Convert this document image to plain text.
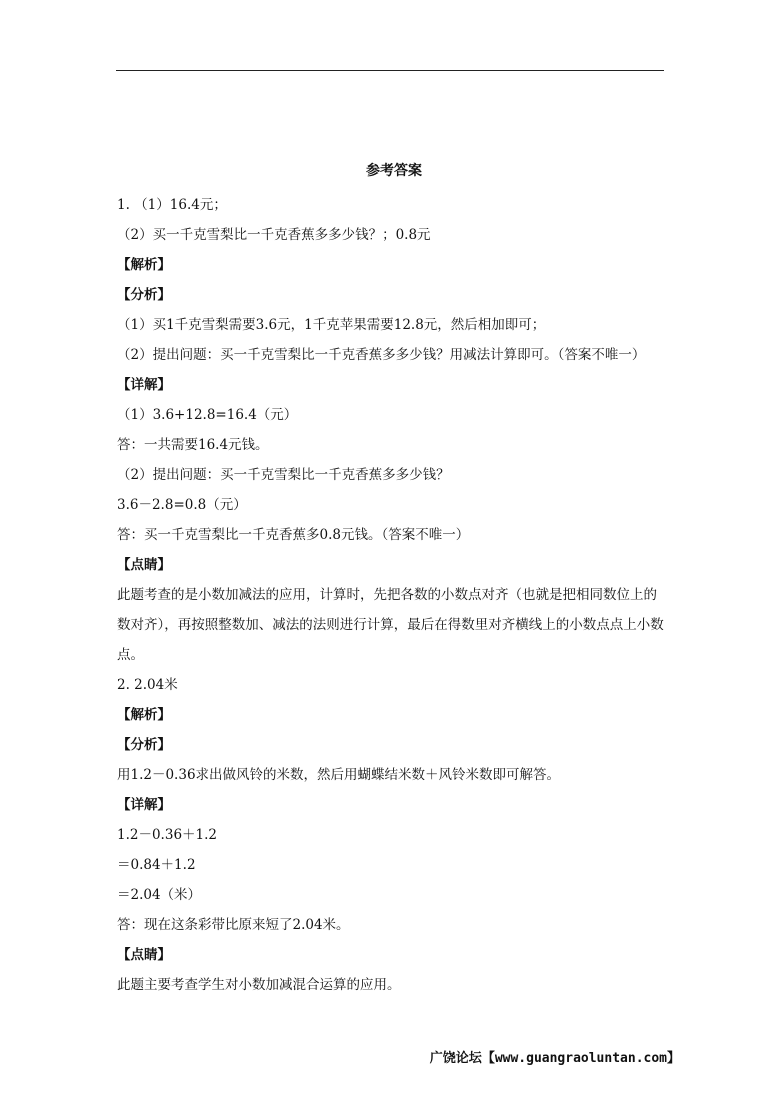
参考答案
1. （1）16.4元；
（2）买一千克雪梨比一千克香蕉多多少钱？；0.8元
【解析】
【分析】
（1）买1千克雪梨需要3.6元，1千克苹果需要12.8元，然后相加即可；
（2）提出问题：买一千克雪梨比一千克香蕉多多少钱？用减法计算即可。（答案不唯一）
【详解】
（1）3.6+12.8=16.4（元）
答：一共需要16.4元钱。
（2）提出问题：买一千克雪梨比一千克香蕉多多少钱？
3.6－2.8=0.8（元）
答：买一千克雪梨比一千克香蕉多0.8元钱。（答案不唯一）
【点睛】
此题考查的是小数加减法的应用，计算时，先把各数的小数点对齐（也就是把相同数位上的数对齐），再按照整数加、减法的法则进行计算，最后在得数里对齐横线上的小数点点上小数点。
2. 2.04米
【解析】
【分析】
用1.2－0.36求出做风铃的米数，然后用蝴蝶结米数＋风铃米数即可解答。
【详解】
1.2－0.36＋1.2
＝0.84＋1.2
＝2.04（米）
答：现在这条彩带比原来短了2.04米。
【点睛】
此题主要考查学生对小数加减混合运算的应用。
广饶论坛【www.guangraoluntan.com】
